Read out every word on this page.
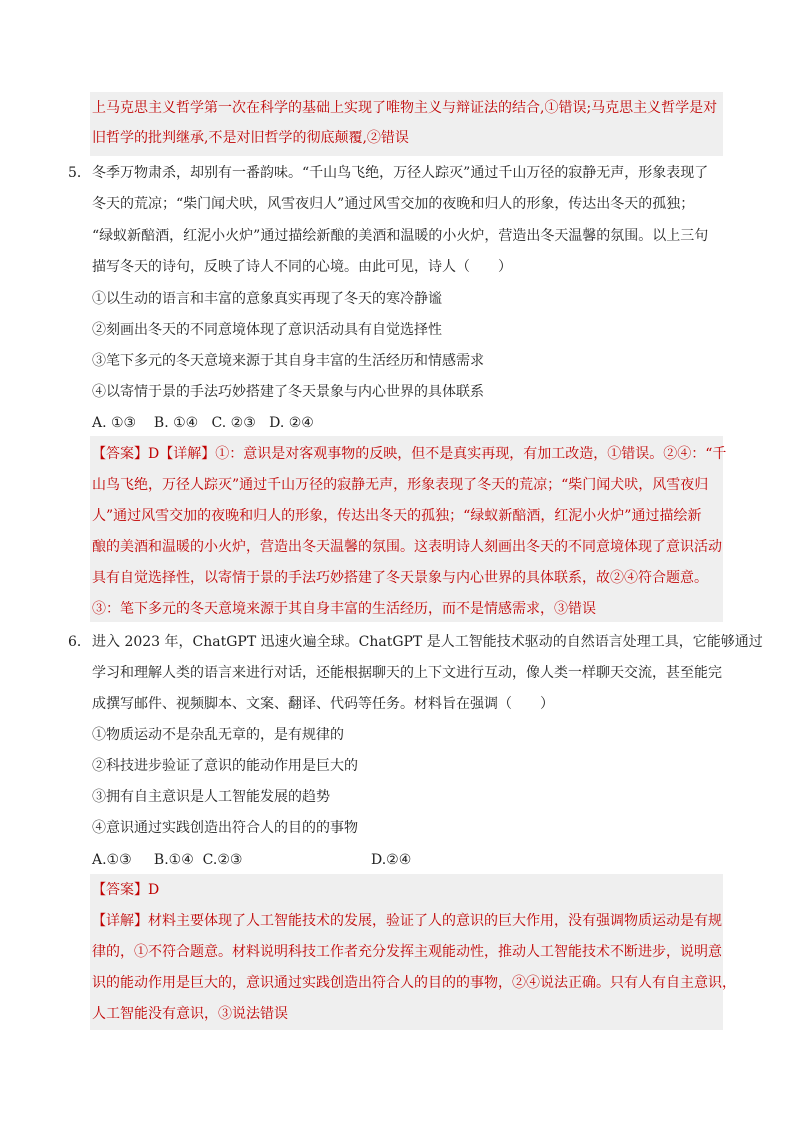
上马克思主义哲学第一次在科学的基础上实现了唯物主义与辩证法的结合,①错误;马克思主义哲学是对
旧哲学的批判继承,不是对旧哲学的彻底颠覆,②错误
5． 冬季万物肃杀，却别有一番韵味。“千山鸟飞绝，万径人踪灭”通过千山万径的寂静无声，形象表现了
冬天的荒凉；“柴门闻犬吠，风雪夜归人”通过风雪交加的夜晚和归人的形象，传达出冬天的孤独；
“绿蚁新醅酒，红泥小火炉”通过描绘新酿的美酒和温暖的小火炉，营造出冬天温馨的氛围。以上三句
描写冬天的诗句，反映了诗人不同的心境。由此可见，诗人（　　）
①以生动的语言和丰富的意象真实再现了冬天的寒冷静谧
②刻画出冬天的不同意境体现了意识活动具有自觉选择性
③笔下多元的冬天意境来源于其自身丰富的生活经历和情感需求
④以寄情于景的手法巧妙搭建了冬天景象与内心世界的具体联系
A. ①③    B. ①④   C. ②③   D. ②④
【答案】D【详解】①：意识是对客观事物的反映，但不是真实再现，有加工改造，①错误。②④：“千
山鸟飞绝，万径人踪灭”通过千山万径的寂静无声，形象表现了冬天的荒凉；“柴门闻犬吠，风雪夜归
人”通过风雪交加的夜晚和归人的形象，传达出冬天的孤独；“绿蚁新醅酒，红泥小火炉”通过描绘新
酿的美酒和温暖的小火炉，营造出冬天温馨的氛围。这表明诗人刻画出冬天的不同意境体现了意识活动
具有自觉选择性，以寄情于景的手法巧妙搭建了冬天景象与内心世界的具体联系，故②④符合题意。
③：笔下多元的冬天意境来源于其自身丰富的生活经历，而不是情感需求，③错误
6． 进入 2023 年，ChatGPT 迅速火遍全球。ChatGPT 是人工智能技术驱动的自然语言处理工具，它能够通过
学习和理解人类的语言来进行对话，还能根据聊天的上下文进行互动，像人类一样聊天交流，甚至能完
成撰写邮件、视频脚本、文案、翻译、代码等任务。材料旨在强调（　　）
①物质运动不是杂乱无章的，是有规律的
②科技进步验证了意识的能动作用是巨大的
③拥有自主意识是人工智能发展的趋势
④意识通过实践创造出符合人的目的的事物
A.①③     B.①④  C.②③	D.②④
【答案】D
【详解】材料主要体现了人工智能技术的发展，验证了人的意识的巨大作用，没有强调物质运动是有规
律的，①不符合题意。材料说明科技工作者充分发挥主观能动性，推动人工智能技术不断进步，说明意
识的能动作用是巨大的，意识通过实践创造出符合人的目的的事物，②④说法正确。只有人有自主意识，
人工智能没有意识，③说法错误
